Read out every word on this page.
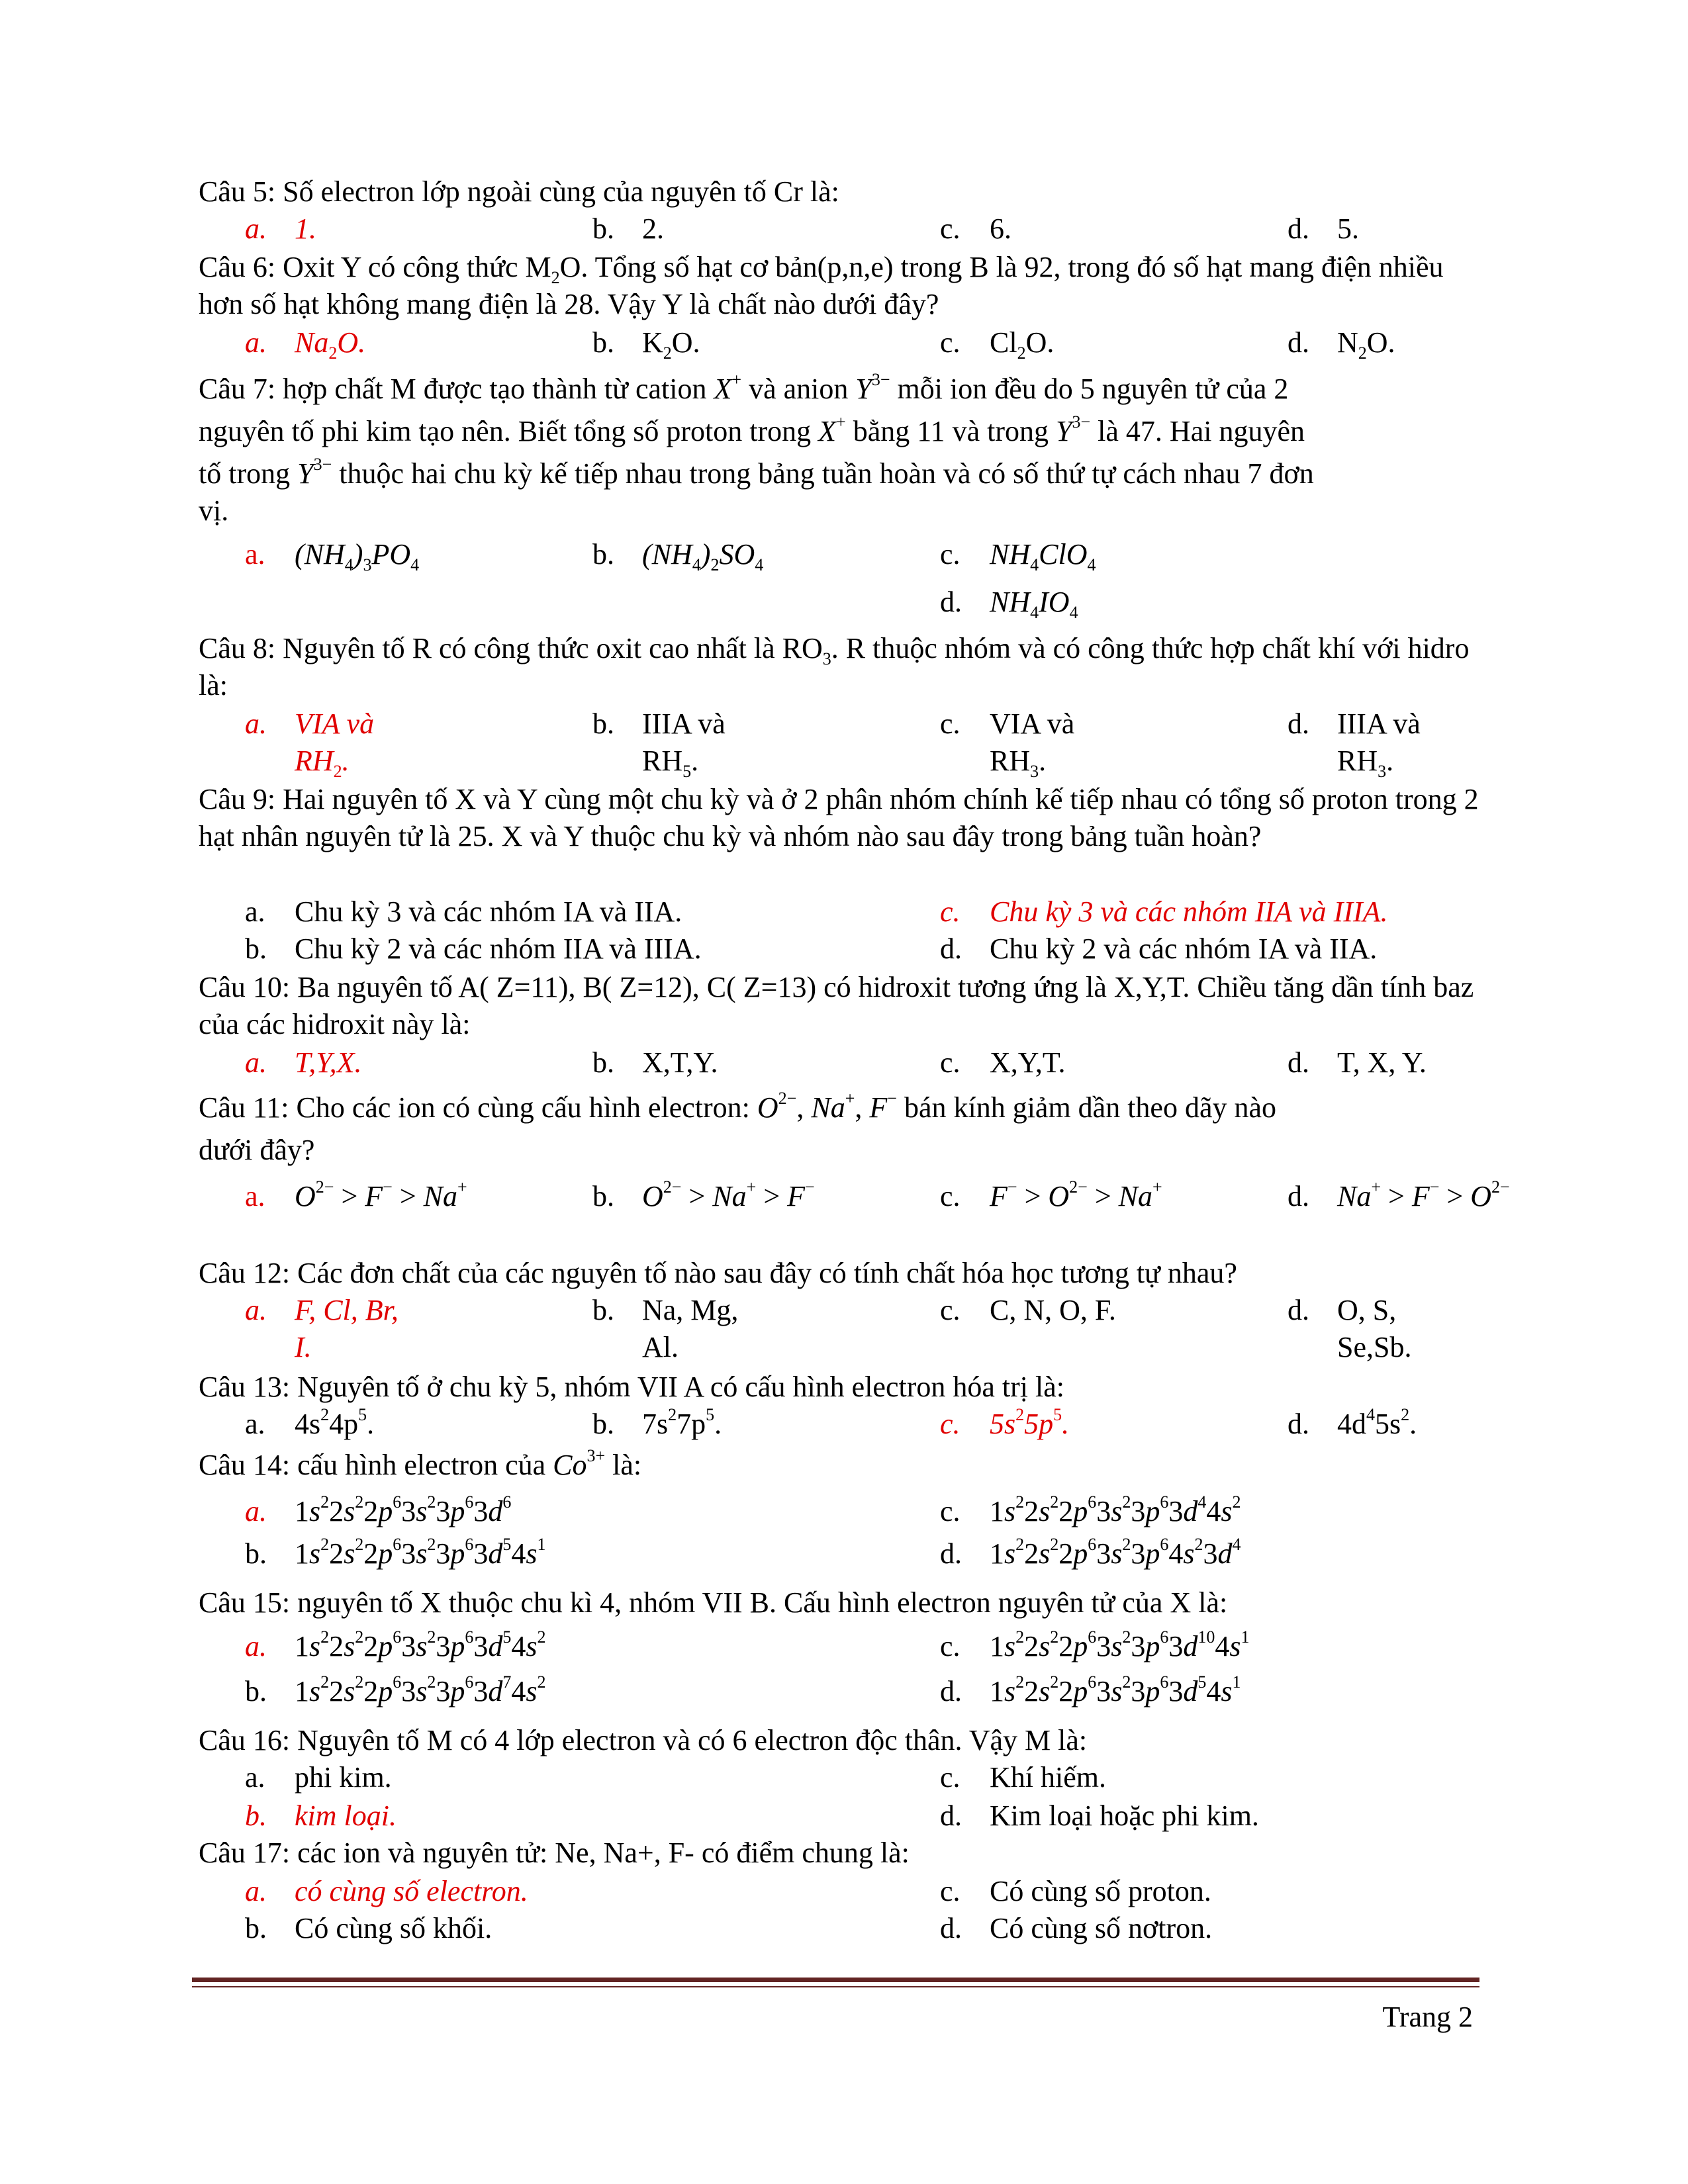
Câu 5: Số electron lớp ngoài cùng của nguyên tố Cr là:
a. 1.	b. 2.	c. 6.	d. 5.
Câu 6: Oxit Y có công thức $M_2O$. Tổng số hạt cơ bản(p,n,e) trong B là 92, trong đó số hạt mang điện nhiều hơn số hạt không mang điện là 28. Vậy Y là chất nào dưới đây?
a. $Na_2O$.	b. $K_2O$.	c. $Cl_2O$.	d. $N_2O$.
Câu 7: hợp chất M được tạo thành từ cation X+ và anion $Y^{3-}$ mỗi ion đều do 5 nguyên tử của 2
nguyên tố phi kim tạo nên. Biết tổng số proton trong X+ bằng 11 và trong $Y^{3-}$ là 47. Hai nguyên
tố trong $Y^{3-}$ thuộc hai chu kỳ kế tiếp nhau trong bảng tuần hoàn và có số thứ tự cách nhau 7 đơn
vị.
a. $(NH_4)_3PO_4$	b. $(NH_4)_2SO_4$	c. $NH_4ClO_4$
d. $NH_4IO_4$
Câu 8: Nguyên tố R có công thức oxit cao nhất là $RO_3$. R thuộc nhóm và có công thức hợp chất khí với hidro là:
a. VIA và
$RH_2$.
b. IIIA và
$RH_5$.
c. VIA và
$RH_3$.
d. IIIA và
$RH_3$.
Câu 9: Hai nguyên tố X và Y cùng một chu kỳ và ở 2 phân nhóm chính kế tiếp nhau có tổng số proton trong 2 hạt nhân nguyên tử là 25. X và Y thuộc chu kỳ và nhóm nào sau đây trong bảng tuần hoàn?
a. Chu kỳ 3 và các nhóm IA và IIA.	c. Chu kỳ 3 và các nhóm IIA và IIIA.
b. Chu kỳ 2 và các nhóm IIA và IIIA.	d. Chu kỳ 2 và các nhóm IA và IIA.
Câu 10: Ba nguyên tố A( Z=11), B( Z=12), C( Z=13) có hidroxit tương ứng là X,Y,T. Chiều tăng dần tính baz của các hidroxit này là:
a. T,Y,X.	b. X,T,Y.	c. X,Y,T.	d. T, X, Y.
Câu 11: Cho các ion có cùng cấu hình electron: $O^{2-}$, Na+, F− bán kính giảm dần theo dãy nào
dưới đây?
a. $O^{2-} > F^- > Na^+$	b. $O^{2-} > Na^+ > F^-$	c. $F^- > O^{2-} > Na^+$	d. $Na^+ > F^- > O^{2-}$
Câu 12: Các đơn chất của các nguyên tố nào sau đây có tính chất hóa học tương tự nhau?
a. F, Cl, Br,
I.
b. Na, Mg,
Al.
c. C, N, O, F.	d. O, S,
Se,Sb.
Câu 13: Nguyên tố ở chu kỳ 5, nhóm VII A có cấu hình electron hóa trị là:
a. $4s^24p^5$.	b. $7s^27p^5$.	c. $5s^25p^5$.	d. $4d^45s^2$.
Câu 14: cấu hình electron của $Co^{3+}$ là:
a. $1s^22s^22p^63s^23p^63d^6$	c. $1s^22s^22p^63s^23p^63d^44s^2$
b. $1s^22s^22p^63s^23p^63d^54s^1$	d. $1s^22s^22p^63s^23p^64s^23d^4$
Câu 15: nguyên tố X thuộc chu kì 4, nhóm VII B. Cấu hình electron nguyên tử của X là:
a. $1s^22s^22p^63s^23p^63d^54s^2$	c. $1s^22s^22p^63s^23p^63d^{10}4s^1$
b. $1s^22s^22p^63s^23p^63d^74s^2$	d. $1s^22s^22p^63s^23p^63d^54s^1$
Câu 16: Nguyên tố M có 4 lớp electron và có 6 electron độc thân. Vậy M là:
a. phi kim.	c. Khí hiếm.
b. kim loại.	d. Kim loại hoặc phi kim.
Câu 17: các ion và nguyên tử: Ne, Na+, F- có điểm chung là:
a. có cùng số electron.	c. Có cùng số proton.
b. Có cùng số khối.	d. Có cùng số nơtron.
Trang 2
